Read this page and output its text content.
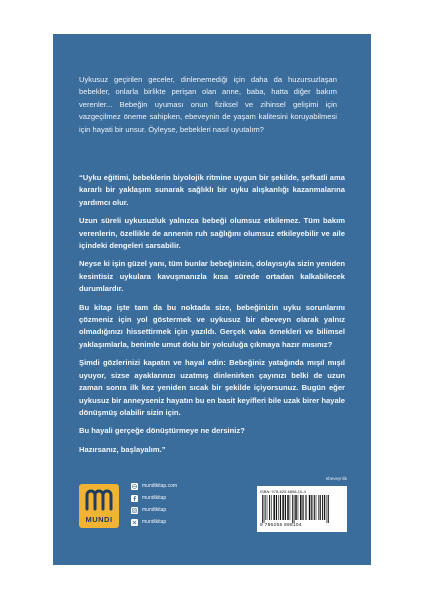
Uykusuz geçirilen geceler, dinlenemediği için daha da huzursuzlaşan bebekler, onlarla birlikte perişan olan anne, baba, hatta diğer bakım verenler... Bebeğin uyuması onun fiziksel ve zihinsel gelişimi için vazgeçilmez öneme sahipken, ebeveynin de yaşam kalitesini koruyabilmesi için hayati bir unsur. Öyleyse, bebekleri nasıl uyutalım?

“Uyku eğitimi, bebeklerin biyolojik ritmine uygun bir şekilde, şefkatli ama kararlı bir yaklaşım sunarak sağlıklı bir uyku alışkanlığı kazanmalarına yardımcı olur.

Uzun süreli uykusuzluk yalnızca bebeği olumsuz etkilemez. Tüm bakım verenlerin, özellikle de annenin ruh sağlığını olumsuz etkileyebilir ve aile içindeki dengeleri sarsabilir.

Neyse ki işin güzel yanı, tüm bunlar bebeğinizin, dolayısıyla sizin yeniden kesintisiz uykulara kavuşmanızla kısa sürede ortadan kalkabilecek durumlardır.

Bu kitap işte tam da bu noktada size, bebeğinizin uyku sorunlarını çözmeniz için yol göstermek ve uykusuz bir ebeveyn olarak yalnız olmadığınızı hissettirmek için yazıldı. Gerçek vaka örnekleri ve bilimsel yaklaşımlarla, benimle umut dolu bir yolculuğa çıkmaya hazır mısınız?

Şimdi gözlerinizi kapatın ve hayal edin: Bebeğiniz yatağında mışıl mışıl uyuyor, sizse ayaklarınızı uzatmış dinlenirken çayınızı belki de uzun zaman sonra ilk kez yeniden sıcak bir şekilde içiyorsunuz. Bugün eğer uykusuz bir anneyseniz hayatın bu en basit keyifleri bile uzak birer hayale dönüşmüş olabilir sizin için.

Bu hayali gerçeğe dönüştürmeye ne dersiniz?

Hazırsanız, başlayalım.”

MUNDI
mundikitap.com
mundikitap
mundikitap
mundikitap
ebeveynlik
ISBN: 978-625-6898-10-4
9 786255 898104
